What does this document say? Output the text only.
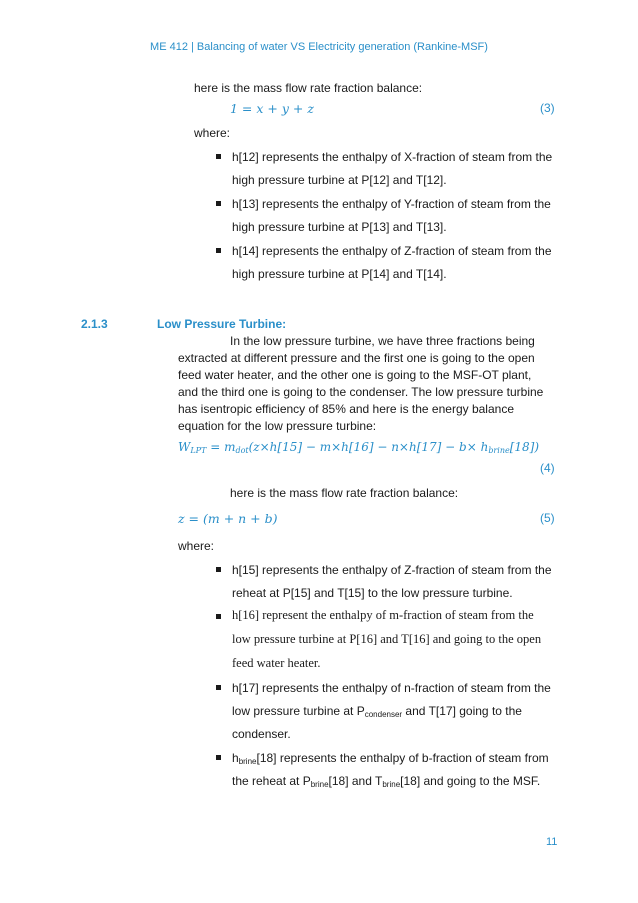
ME 412 | Balancing of water VS Electricity generation (Rankine-MSF)
here is the mass flow rate fraction balance:
1 = x + y + z	(3)
where:
h[12] represents the enthalpy of X-fraction of steam from the
high pressure turbine at P[12] and T[12].
h[13] represents the enthalpy of Y-fraction of steam from the
high pressure turbine at P[13] and T[13].
h[14] represents the enthalpy of Z-fraction of steam from the
high pressure turbine at P[14] and T[14].
2.1.3	Low Pressure Turbine:
In the low pressure turbine, we have three fractions being
extracted at different pressure and the first one is going to the open
feed water heater, and the other one is going to the MSF-OT plant,
and the third one is going to the condenser. The low pressure turbine
has isentropic efficiency of 85% and here is the energy balance
equation for the low pressure turbine:
$W_{LPT} = m_{dot}(z\times h[15] - m\times h[16] - n\times h[17] - b\times h_{brine}[18])$
(4)
here is the mass flow rate fraction balance:
z = (m + n + b)	(5)
where:
h[15] represents the enthalpy of Z-fraction of steam from the
reheat at P[15] and T[15] to the low pressure turbine.
h[16] represent the enthalpy of m-fraction of steam from the
low pressure turbine at P[16] and T[16] and going to the open
feed water heater.
h[17] represents the enthalpy of n-fraction of steam from the
low pressure turbine at $P_{condenser}$ and T[17] going to the
condenser.
$h_{brine}[18]$ represents the enthalpy of b-fraction of steam from
the reheat at $P_{brine}[18]$ and $T_{brine}[18]$ and going to the MSF.
11
